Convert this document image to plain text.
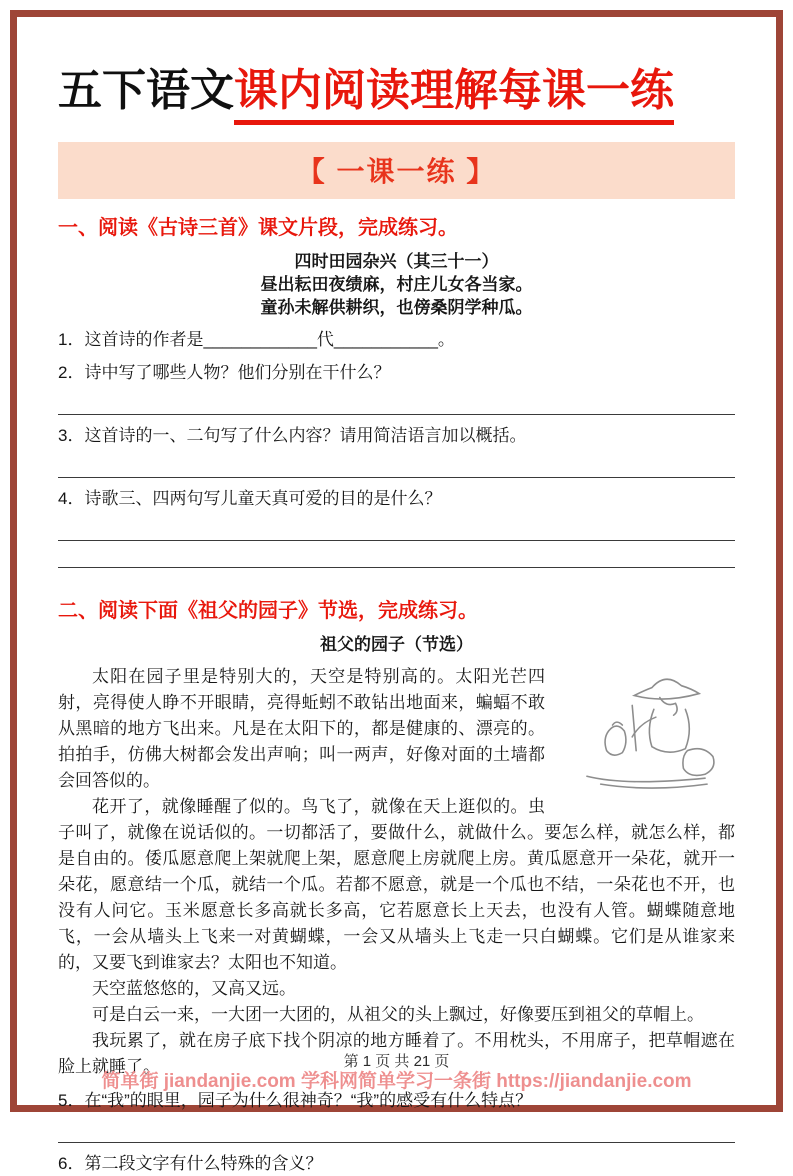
五下语文课内阅读理解每课一练
【 一课一练 】
一、阅读《古诗三首》课文片段，完成练习。
四时田园杂兴（其三十一）
昼出耘田夜绩麻，村庄儿女各当家。
童孙未解供耕织，也傍桑阴学种瓜。
1．这首诗的作者是____________代___________。
2．诗中写了哪些人物？他们分别在干什么？
3．这首诗的一、二句写了什么内容？请用简洁语言加以概括。
4．诗歌三、四两句写儿童天真可爱的目的是什么？
二、阅读下面《祖父的园子》节选，完成练习。
祖父的园子（节选）

太阳在园子里是特别大的，天空是特别高的。太阳光芒四射，亮得使人睁不开眼睛，亮得蚯蚓不敢钻出地面来，蝙蝠不敢从黑暗的地方飞出来。凡是在太阳下的，都是健康的、漂亮的。拍拍手，仿佛大树都会发出声响；叫一两声，好像对面的土墙都会回答似的。

花开了，就像睡醒了似的。鸟飞了，就像在天上逛似的。虫子叫了，就像在说话似的。一切都活了，要做什么，就做什么。要怎么样，就怎么样，都是自由的。倭瓜愿意爬上架就爬上架，愿意爬上房就爬上房。黄瓜愿意开一朵花，就开一朵花，愿意结一个瓜，就结一个瓜。若都不愿意，就是一个瓜也不结，一朵花也不开，也没有人问它。玉米愿意长多高就长多高，它若愿意长上天去，也没有人管。蝴蝶随意地飞，一会从墙头上飞来一对黄蝴蝶，一会又从墙头上飞走一只白蝴蝶。它们是从谁家来的，又要飞到谁家去？太阳也不知道。

天空蓝悠悠的，又高又远。

可是白云一来，一大团一大团的，从祖父的头上飘过，好像要压到祖父的草帽上。

我玩累了，就在房子底下找个阴凉的地方睡着了。不用枕头，不用席子，把草帽遮在脸上就睡了。

5．在“我”的眼里，园子为什么很神奇？“我”的感受有什么特点？
6．第二段文字有什么特殊的含义？
第 1 页 共 21 页
简单街 jiandanjie.com 学科网简单学习一条街 https://jiandanjie.com
